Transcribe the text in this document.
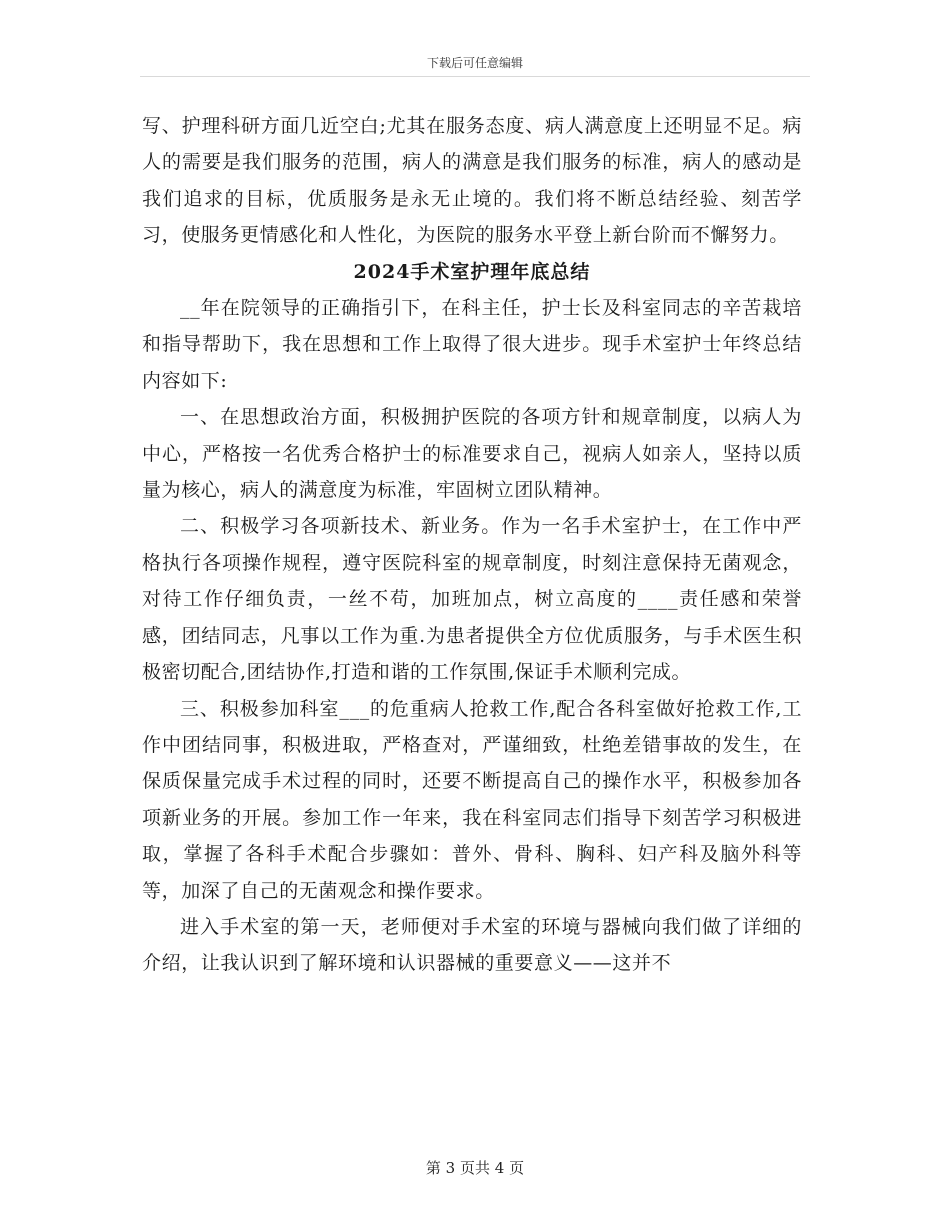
下载后可任意编辑

写、护理科研方面几近空白;尤其在服务态度、病人满意度上还明显不足。病人的需要是我们服务的范围，病人的满意是我们服务的标准，病人的感动是我们追求的目标，优质服务是永无止境的。我们将不断总结经验、刻苦学习，使服务更情感化和人性化，为医院的服务水平登上新台阶而不懈努力。

2024手术室护理年底总结

__年在院领导的正确指引下，在科主任，护士长及科室同志的辛苦栽培和指导帮助下，我在思想和工作上取得了很大进步。现手术室护士年终总结内容如下:

一、在思想政治方面，积极拥护医院的各项方针和规章制度，以病人为中心，严格按一名优秀合格护士的标准要求自己，视病人如亲人，坚持以质量为核心，病人的满意度为标准，牢固树立团队精神。

二、积极学习各项新技术、新业务。作为一名手术室护士，在工作中严格执行各项操作规程，遵守医院科室的规章制度，时刻注意保持无菌观念，对待工作仔细负责，一丝不苟，加班加点，树立高度的____责任感和荣誉感，团结同志，凡事以工作为重.为患者提供全方位优质服务，与手术医生积极密切配合,团结协作,打造和谐的工作氛围,保证手术顺利完成。

三、积极参加科室___的危重病人抢救工作,配合各科室做好抢救工作,工作中团结同事，积极进取，严格查对，严谨细致，杜绝差错事故的发生，在保质保量完成手术过程的同时，还要不断提高自己的操作水平，积极参加各项新业务的开展。参加工作一年来，我在科室同志们指导下刻苦学习积极进取，掌握了各科手术配合步骤如：普外、骨科、胸科、妇产科及脑外科等等，加深了自己的无菌观念和操作要求。

进入手术室的第一天，老师便对手术室的环境与器械向我们做了详细的介绍，让我认识到了解环境和认识器械的重要意义——这并不

第 3 页共 4 页
